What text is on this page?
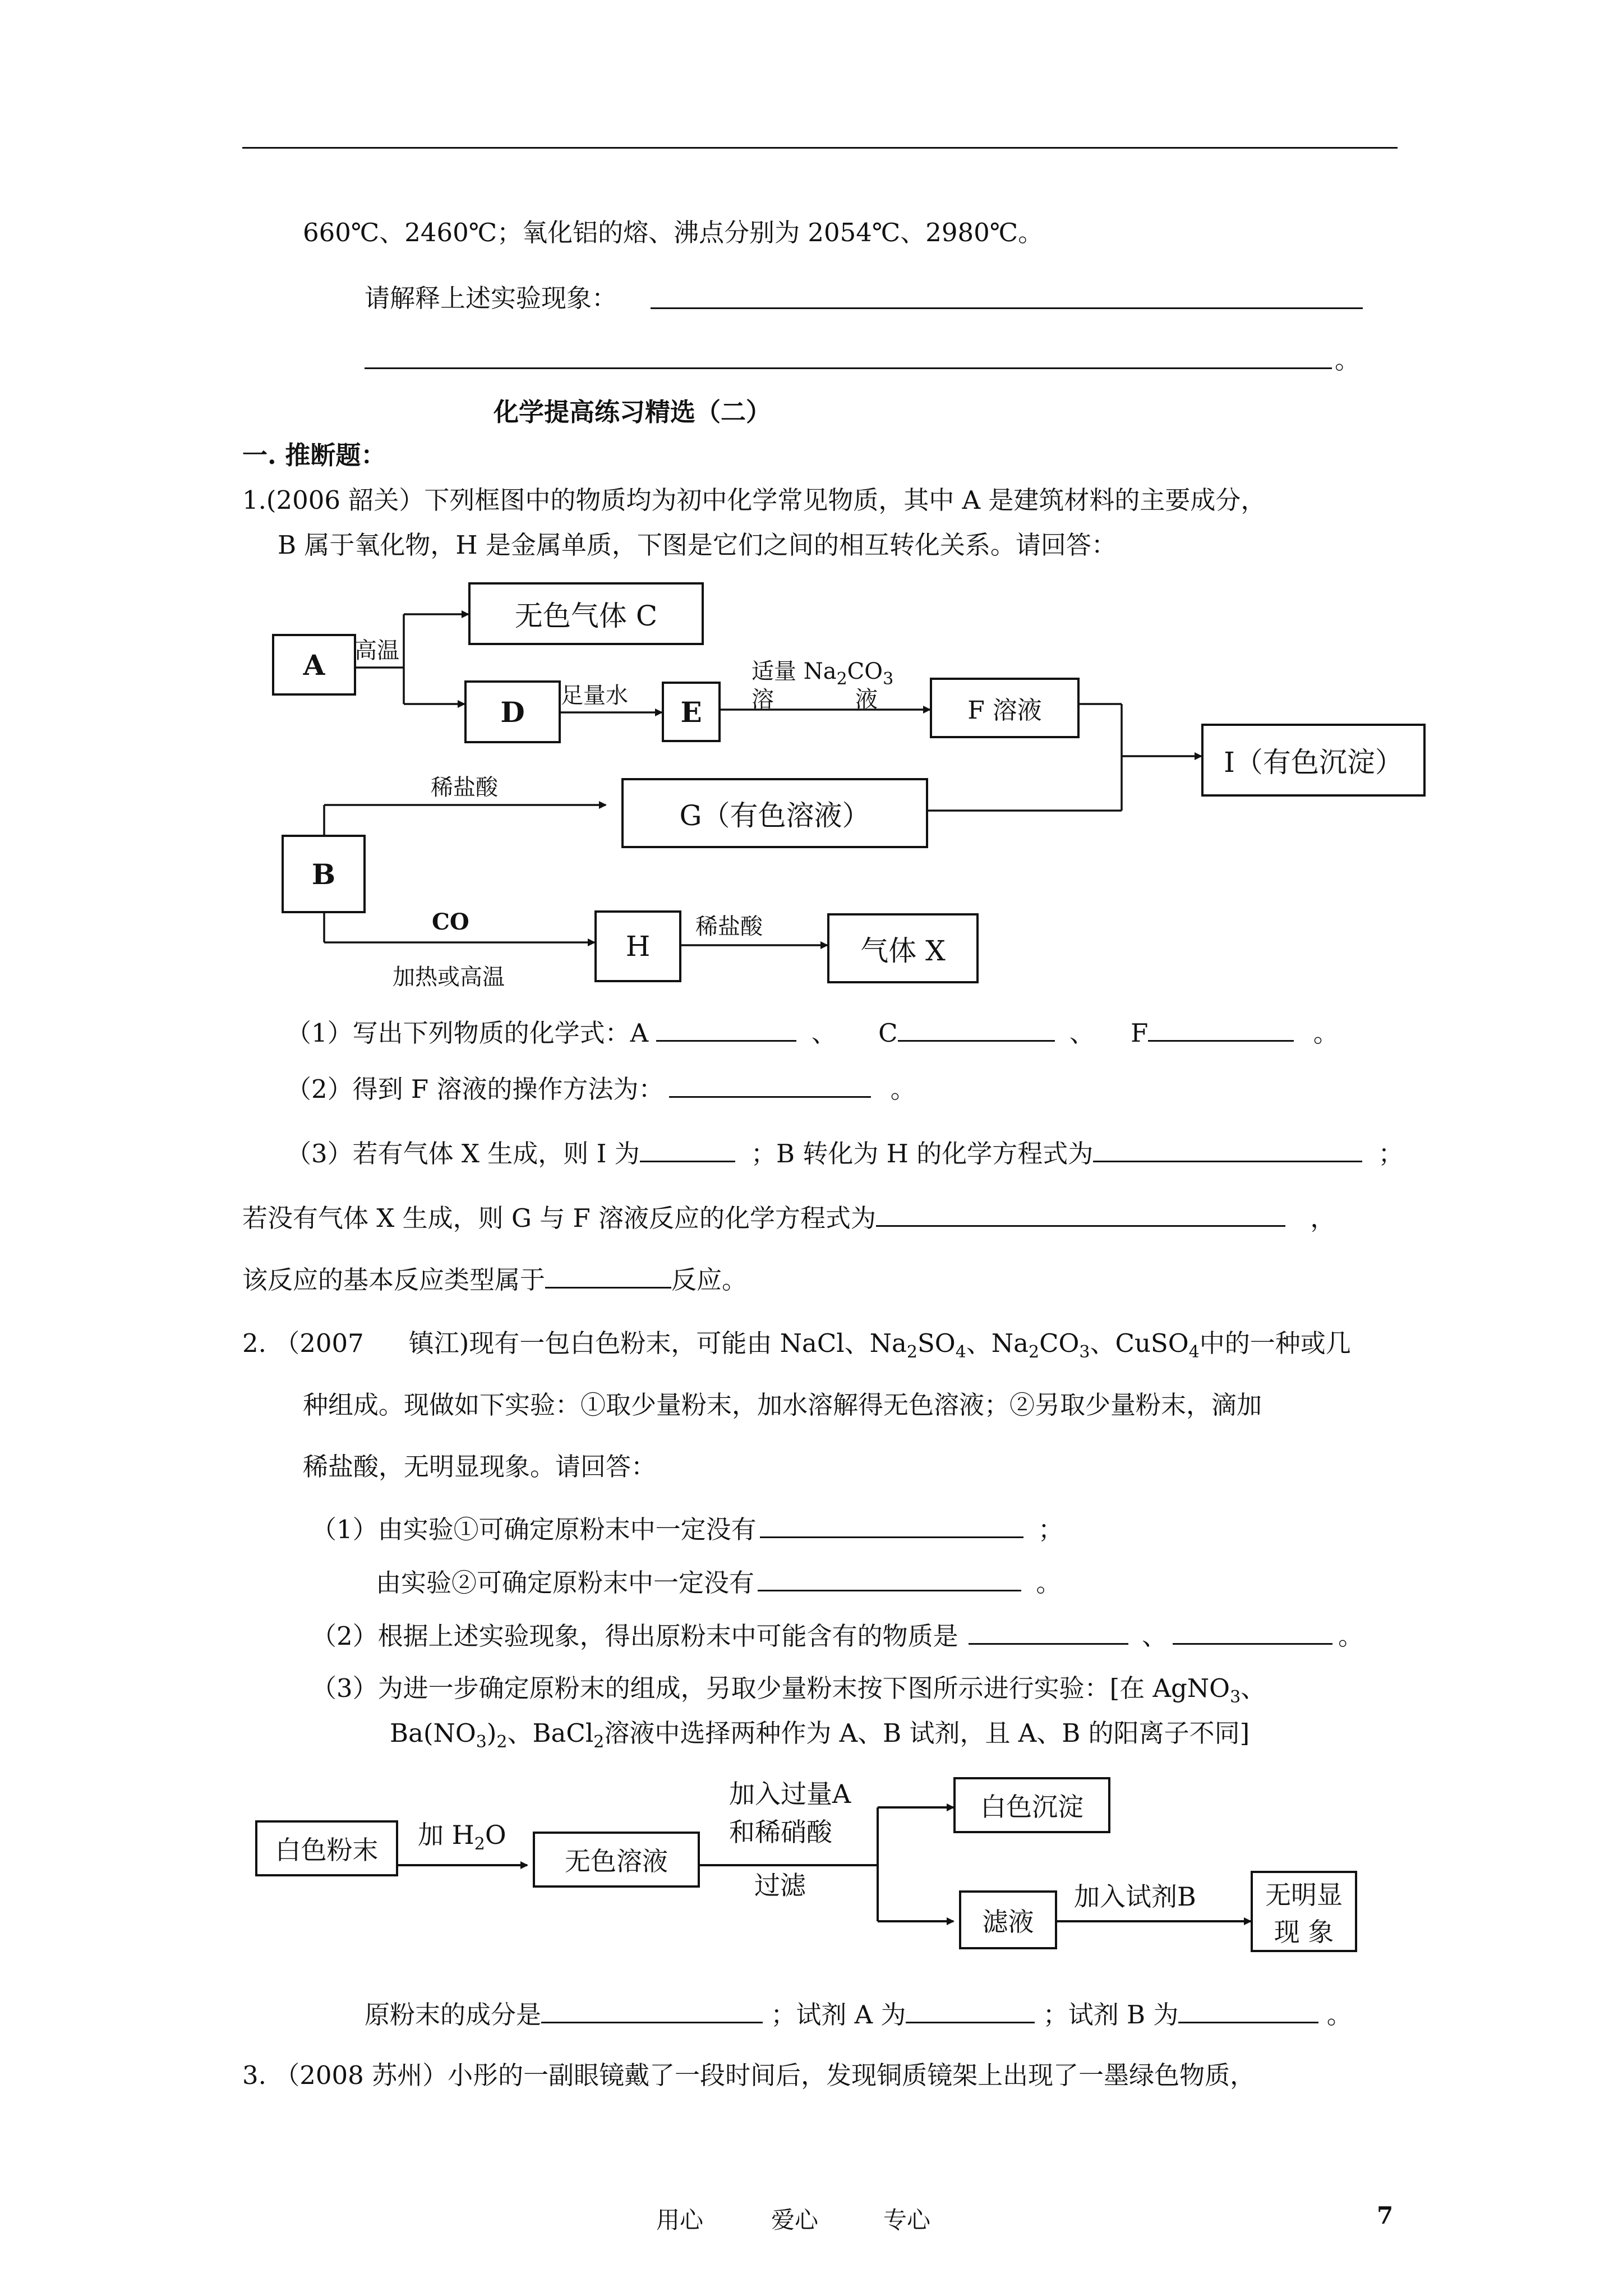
660℃、2460℃；氧化铝的熔、沸点分别为 2054℃、2980℃。
请解释上述实验现象：
。
化学提高练习精选（二）
一. 推断题：
1.(2006 韶关）下列框图中的物质均为初中化学常见物质，其中 A 是建筑材料的主要成分，
B 属于氧化物，H 是金属单质，下图是它们之间的相互转化关系。请回答：
A
无色气体 C
D	E	F 溶液
I（有色沉淀）
G（有色溶液）
B
H	气体 X
高温
足量水
适量 $Na_2CO_3$
溶	液
稀盐酸
CO
加热或高温
稀盐酸
（1）写出下列物质的化学式：A	、 C	、 F	。
（2）得到 F 溶液的操作方法为：	。
（3）若有气体 X 生成，则 I 为	；B 转化为 H 的化学方程式为	；
若没有气体 X 生成，则 G 与 F 溶液反应的化学方程式为	，
该反应的基本反应类型属于	反应。
2. （2007 镇江)现有一包白色粉末，可能由 NaCl、$Na_2SO_4$、$Na_2CO_3$、CuSO$_4$中的一种或几
种组成。现做如下实验：①取少量粉末，加水溶解得无色溶液；②另取少量粉末，滴加
稀盐酸，无明显现象。请回答：
（1）由实验①可确定原粉末中一定没有	；
由实验②可确定原粉末中一定没有	。
（2）根据上述实验现象，得出原粉末中可能含有的物质是	、	。
（3）为进一步确定原粉末的组成，另取少量粉末按下图所示进行实验：[在 AgNO$_3$、
$Ba(NO_3)_2$、BaCl$_2$溶液中选择两种作为 A、B 试剂，且 A、B 的阳离子不同]
白色粉末	加 $H_2O$
无色溶液
加入过量A
和稀硝酸
过滤
白色沉淀
滤液
加入试剂B	无明显
现 象
原粉末的成分是	；试剂 A 为	；试剂 B 为	。
3. （2008 苏州）小彤的一副眼镜戴了一段时间后，发现铜质镜架上出现了一墨绿色物质，
用心	爱心	专心	7
